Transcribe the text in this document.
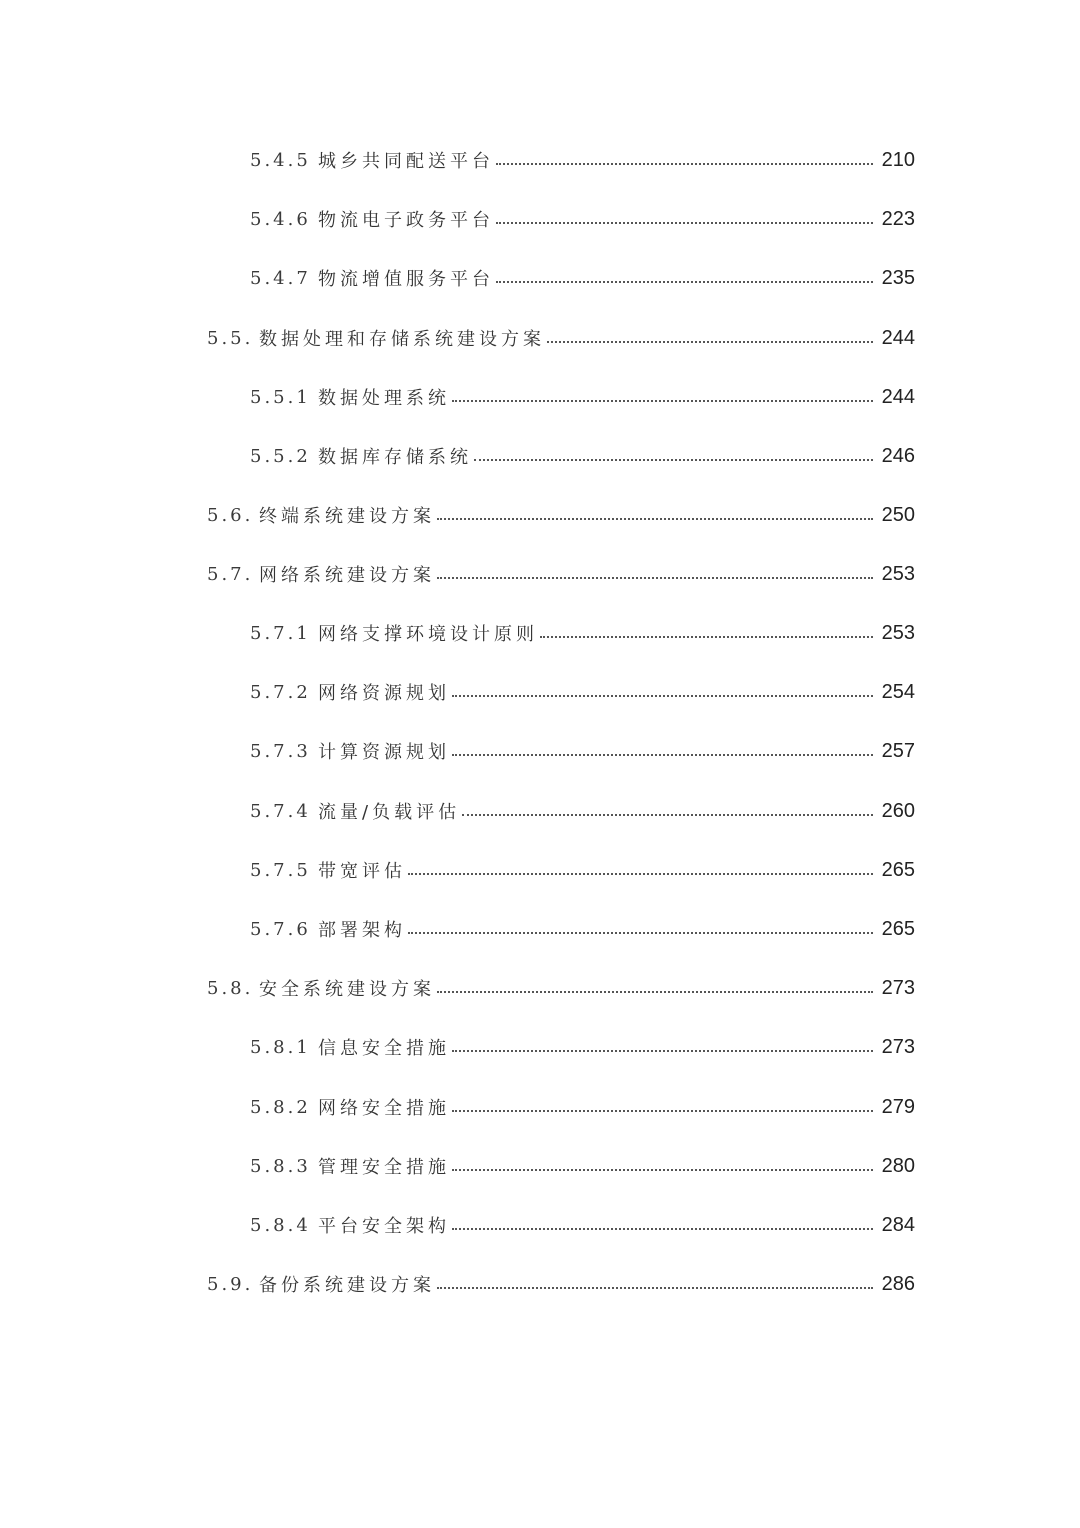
5.4.5 城乡共同配送平台	210
5.4.6 物流电子政务平台	223
5.4.7 物流增值服务平台	235
5.5. 数据处理和存储系统建设方案	244
5.5.1 数据处理系统	244
5.5.2 数据库存储系统	246
5.6. 终端系统建设方案	250
5.7. 网络系统建设方案	253
5.7.1 网络支撑环境设计原则	253
5.7.2 网络资源规划	254
5.7.3 计算资源规划	257
5.7.4 流量/负载评估	260
5.7.5 带宽评估	265
5.7.6 部署架构	265
5.8. 安全系统建设方案	273
5.8.1 信息安全措施	273
5.8.2 网络安全措施	279
5.8.3 管理安全措施	280
5.8.4 平台安全架构	284
5.9. 备份系统建设方案	286
